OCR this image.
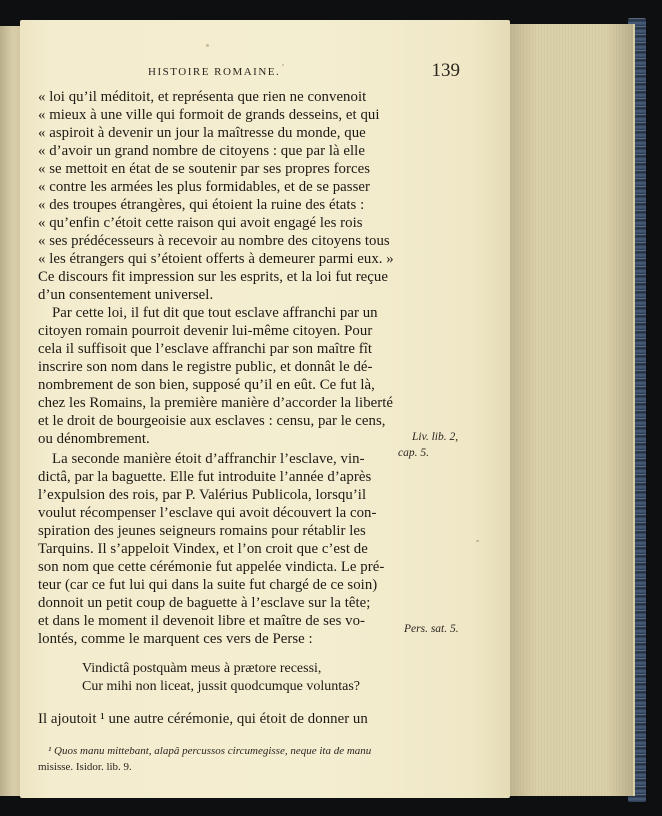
HISTOIRE ROMAINE.	139
« loi qu’il méditoit, et représenta que rien ne convenoit
« mieux à une ville qui formoit de grands desseins, et qui
« aspiroit à devenir un jour la maîtresse du monde, que
« d’avoir un grand nombre de citoyens : que par là elle
« se mettoit en état de se soutenir par ses propres forces
« contre les armées les plus formidables, et de se passer
« des troupes étrangères, qui étoient la ruine des états :
« qu’enfin c’étoit cette raison qui avoit engagé les rois
« ses prédécesseurs à recevoir au nombre des citoyens tous
« les étrangers qui s’étoient offerts à demeurer parmi eux. »
Ce discours fit impression sur les esprits, et la loi fut reçue
d’un consentement universel.
Par cette loi, il fut dit que tout esclave affranchi par un
citoyen romain pourroit devenir lui-même citoyen. Pour
cela il suffisoit que l’esclave affranchi par son maître fît
inscrire son nom dans le registre public, et donnât le dé-
nombrement de son bien, supposé qu’il en eût. Ce fut là,
chez les Romains, la première manière d’accorder la liberté
et le droit de bourgeoisie aux esclaves : censu, par le cens,
ou dénombrement.
La seconde manière étoit d’affranchir l’esclave, vin-
dictâ, par la baguette. Elle fut introduite l’année d’après
l’expulsion des rois, par P. Valérius Publicola, lorsqu’il
voulut récompenser l’esclave qui avoit découvert la con-
spiration des jeunes seigneurs romains pour rétablir les
Tarquins. Il s’appeloit Vindex, et l’on croit que c’est de
son nom que cette cérémonie fut appelée vindicta. Le pré-
teur (car ce fut lui qui dans la suite fut chargé de ce soin)
donnoit un petit coup de baguette à l’esclave sur la tête;
et dans le moment il devenoit libre et maître de ses vo-
lontés, comme le marquent ces vers de Perse :
Vindictâ postquàm meus à prætore recessi,
Cur mihi non liceat, jussit quodcumque voluntas?
Il ajoutoit ¹ une autre cérémonie, qui étoit de donner un
Liv. lib. 2,
cap. 5.
Pers. sat. 5.
¹ Quos manu mittebant, alapâ percussos circumegisse, neque ita de manu
misisse. Isidor. lib. 9.
